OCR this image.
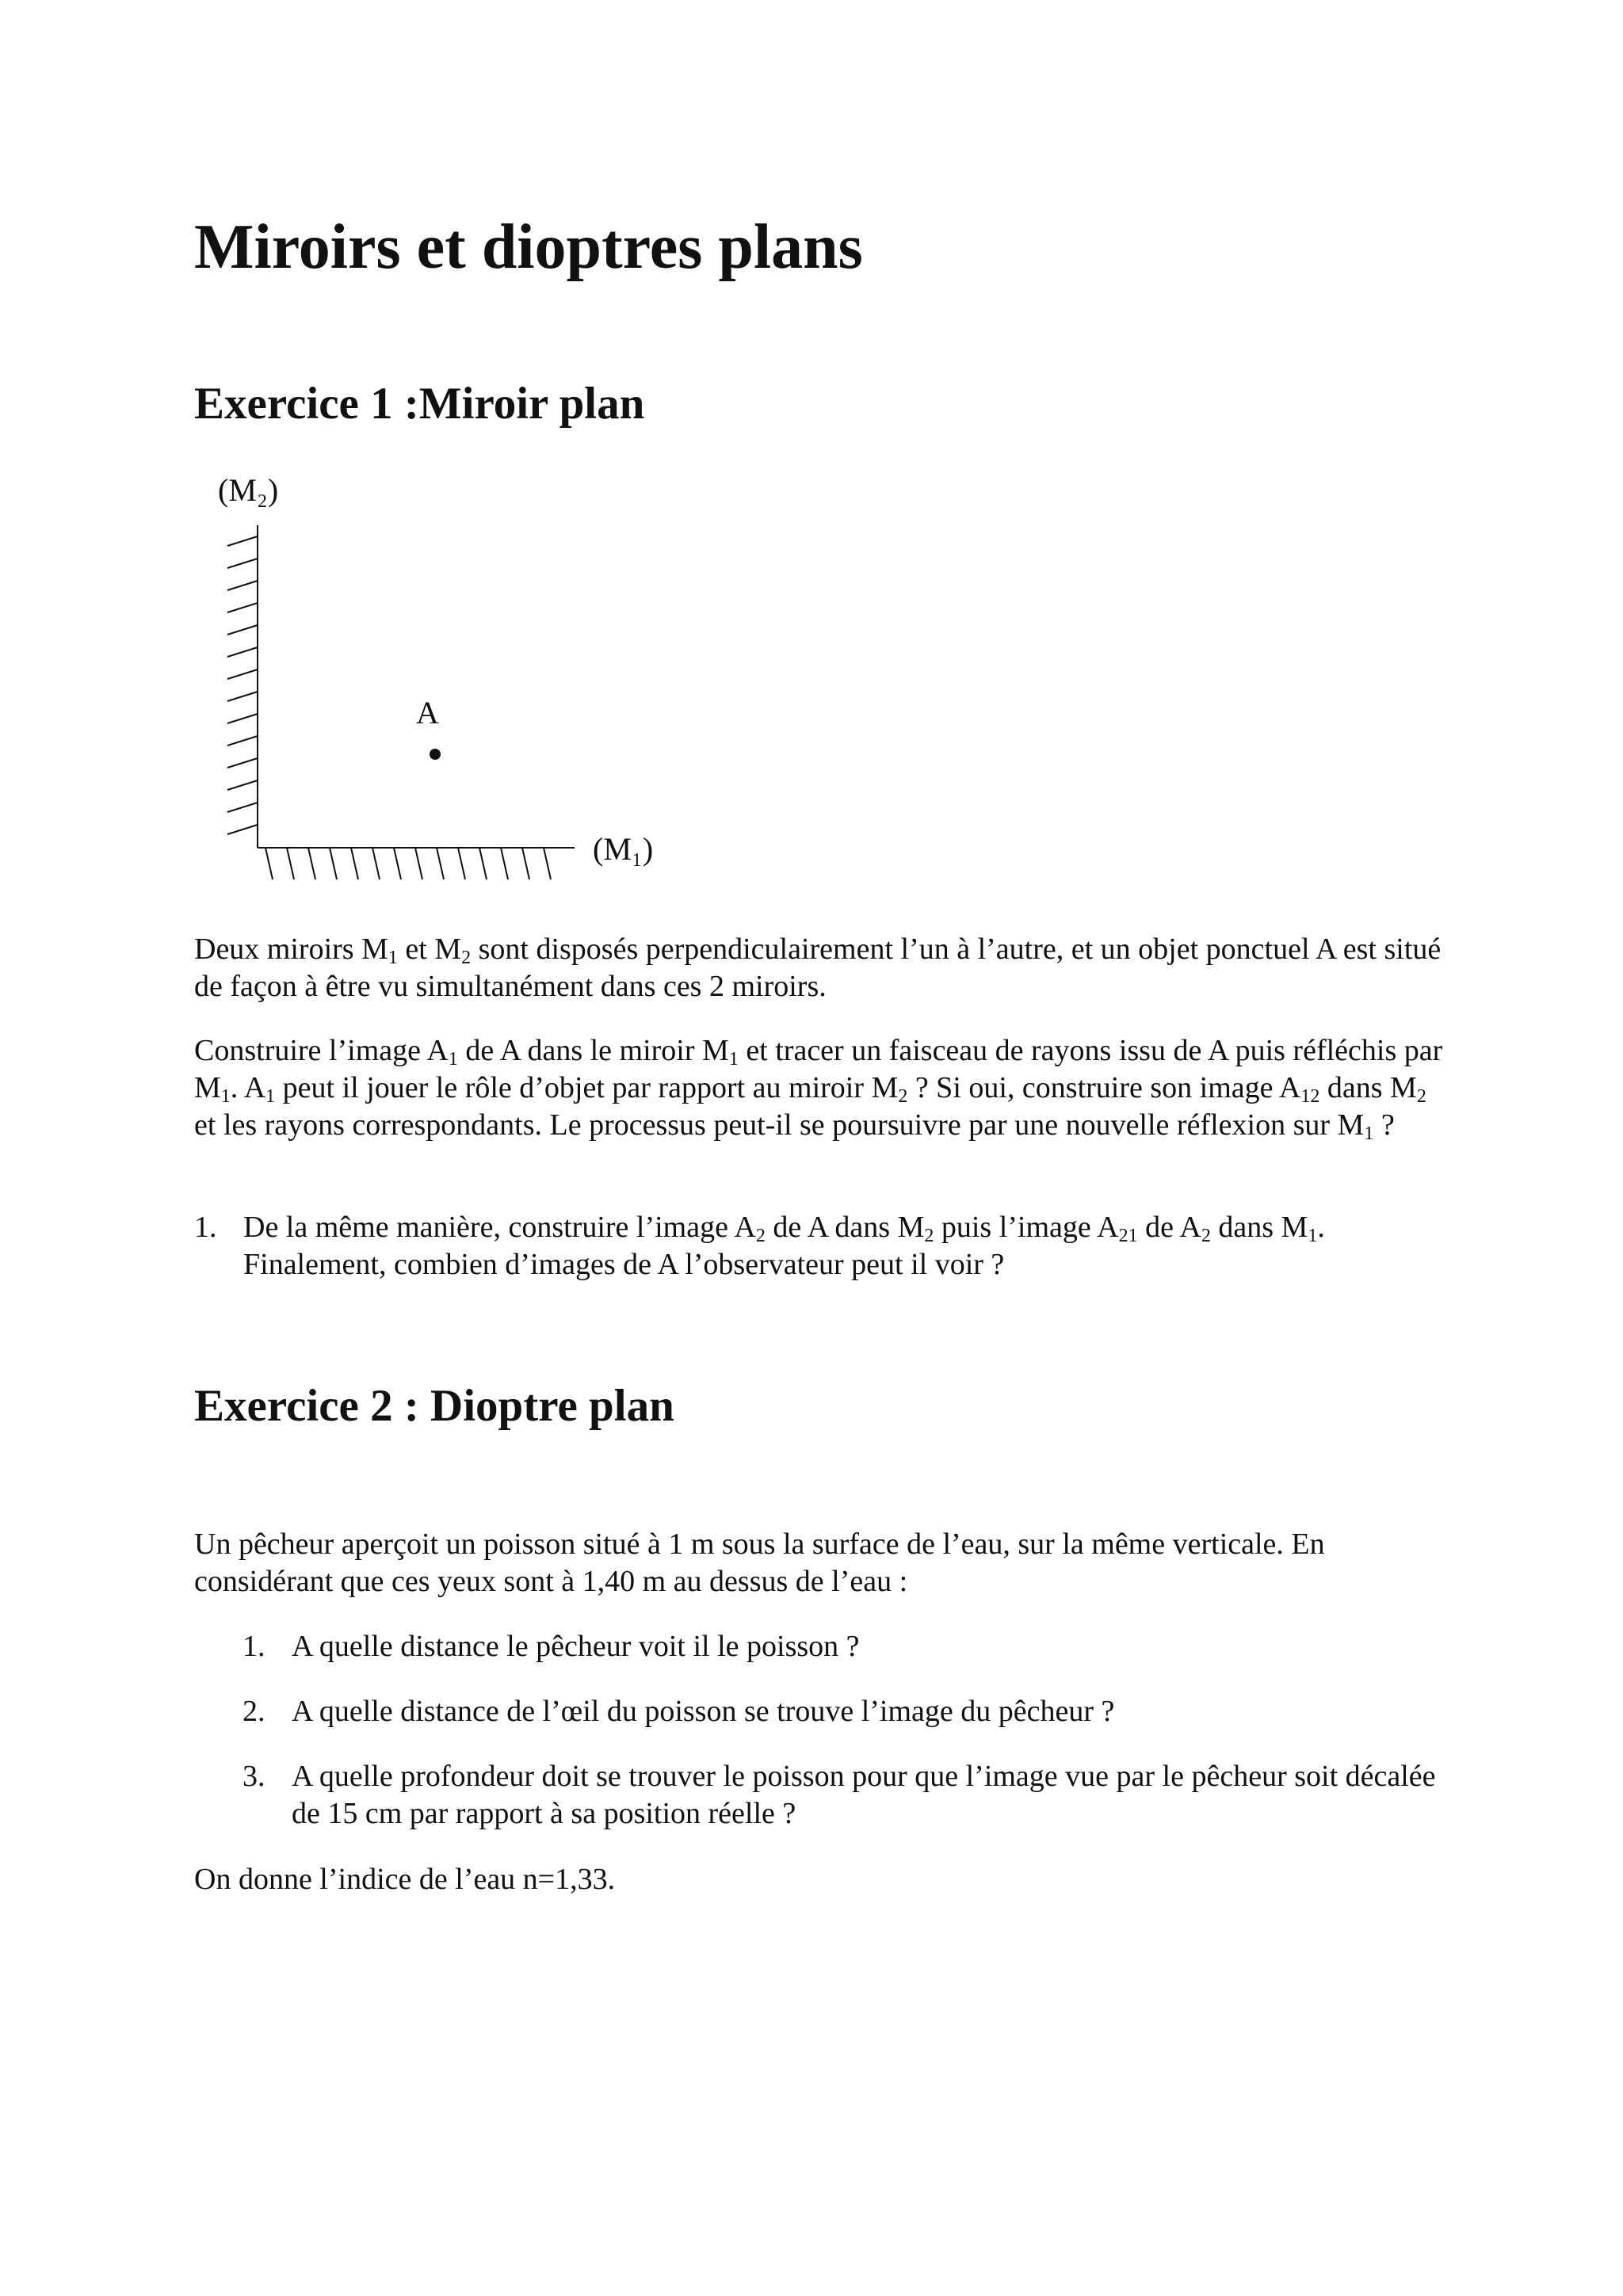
Miroirs et dioptres plans
Exercice 1 :Miroir plan
(M₂)
(M₁)
A

Deux miroirs $M_1$ et $M_2$ sont disposés perpendiculairement l’un à l’autre, et un objet ponctuel A est situé de façon à être vu simultanément dans ces 2 miroirs.

Construire l’image $A_1$ de A dans le miroir $M_1$ et tracer un faisceau de rayons issu de A puis réfléchis par $M_1$. $A_1$ peut il jouer le rôle d’objet par rapport au miroir $M_2$ ? Si oui, construire son image $A_{12}$ dans $M_2$ et les rayons correspondants. Le processus peut-il se poursuivre par une nouvelle réflexion sur $M_1$ ?

1. De la même manière, construire l’image $A_2$ de A dans $M_2$ puis l’image $A_{21}$ de $A_2$ dans $M_1$.
Finalement, combien d’images de A l’observateur peut il voir ?
Exercice 2 : Dioptre plan

Un pêcheur aperçoit un poisson situé à 1 m sous la surface de l’eau, sur la même verticale. En considérant que ces yeux sont à 1,40 m au dessus de l’eau :

1. A quelle distance le pêcheur voit il le poisson ?
2. A quelle distance de l’œil du poisson se trouve l’image du pêcheur ?
3. A quelle profondeur doit se trouver le poisson pour que l’image vue par le pêcheur soit décalée de 15 cm par rapport à sa position réelle ?

On donne l’indice de l’eau n=1,33.
